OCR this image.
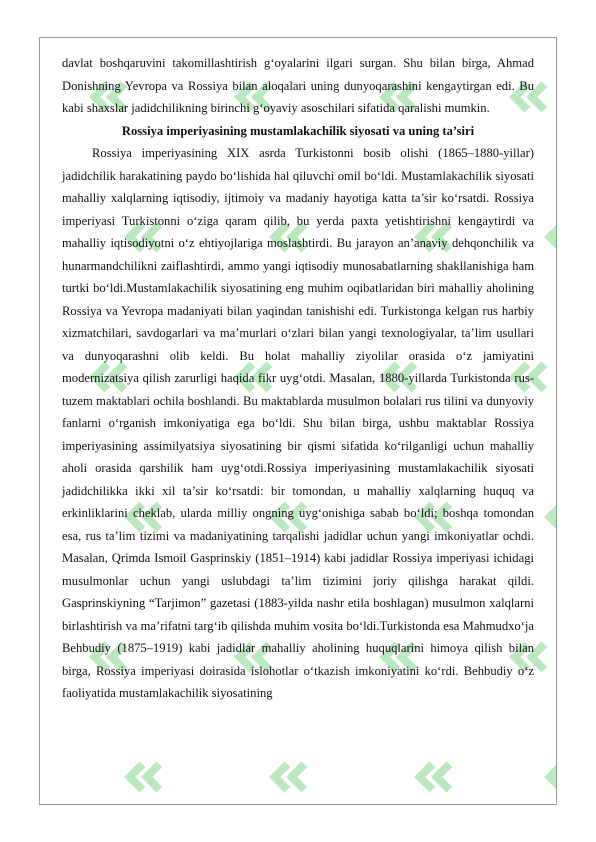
davlat boshqaruvini takomillashtirish g‘oyalarini ilgari surgan. Shu bilan birga, Ahmad Donishning Yevropa va Rossiya bilan aloqalari uning dunyoqarashini kengaytirgan edi. Bu kabi shaxslar jadidchilikning birinchi g‘oyaviy asoschilari sifatida qaralishi mumkin.

Rossiya imperiyasining mustamlakachilik siyosati va uning ta’siri

Rossiya imperiyasining XIX asrda Turkistonni bosib olishi (1865–1880-yillar) jadidchilik harakatining paydo bo‘lishida hal qiluvchi omil bo‘ldi. Mustamlakachilik siyosati mahalliy xalqlarning iqtisodiy, ijtimoiy va madaniy hayotiga katta ta’sir ko‘rsatdi. Rossiya imperiyasi Turkistonni o‘ziga qaram qilib, bu yerda paxta yetishtirishni kengaytirdi va mahalliy iqtisodiyotni o‘z ehtiyojlariga moslashtirdi. Bu jarayon an’anaviy dehqonchilik va hunarmandchilikni zaiflashtirdi, ammo yangi iqtisodiy munosabatlarning shakllanishiga ham turtki bo‘ldi.Mustamlakachilik siyosatining eng muhim oqibatlaridan biri mahalliy aholining Rossiya va Yevropa madaniyati bilan yaqindan tanishishi edi. Turkistonga kelgan rus harbiy xizmatchilari, savdogarlari va ma’murlari o‘zlari bilan yangi texnologiyalar, ta’lim usullari va dunyoqarashni olib keldi. Bu holat mahalliy ziyolilar orasida o‘z jamiyatini modernizatsiya qilish zarurligi haqida fikr uyg‘otdi. Masalan, 1880-yillarda Turkistonda rus-tuzem maktablari ochila boshlandi. Bu maktablarda musulmon bolalari rus tilini va dunyoviy fanlarni o‘rganish imkoniyatiga ega bo‘ldi. Shu bilan birga, ushbu maktablar Rossiya imperiyasining assimilyatsiya siyosatining bir qismi sifatida ko‘rilganligi uchun mahalliy aholi orasida qarshilik ham uyg‘otdi.Rossiya imperiyasining mustamlakachilik siyosati jadidchilikka ikki xil ta’sir ko‘rsatdi: bir tomondan, u mahalliy xalqlarning huquq va erkinliklarini cheklab, ularda milliy ongning uyg‘onishiga sabab bo‘ldi; boshqa tomondan esa, rus ta’lim tizimi va madaniyatining tarqalishi jadidlar uchun yangi imkoniyatlar ochdi. Masalan, Qrimda Ismoil Gasprinskiy (1851–1914) kabi jadidlar Rossiya imperiyasi ichidagi musulmonlar uchun yangi uslubdagi ta’lim tizimini joriy qilishga harakat qildi. Gasprinskiyning “Tarjimon” gazetasi (1883-yilda nashr etila boshlagan) musulmon xalqlarni birlashtirish va ma’rifatni targ‘ib qilishda muhim vosita bo‘ldi.Turkistonda esa Mahmudxo‘ja Behbudiy (1875–1919) kabi jadidlar mahalliy aholining huquqlarini himoya qilish bilan birga, Rossiya imperiyasi doirasida islohotlar o‘tkazish imkoniyatini ko‘rdi. Behbudiy o‘z faoliyatida mustamlakachilik siyosatining
